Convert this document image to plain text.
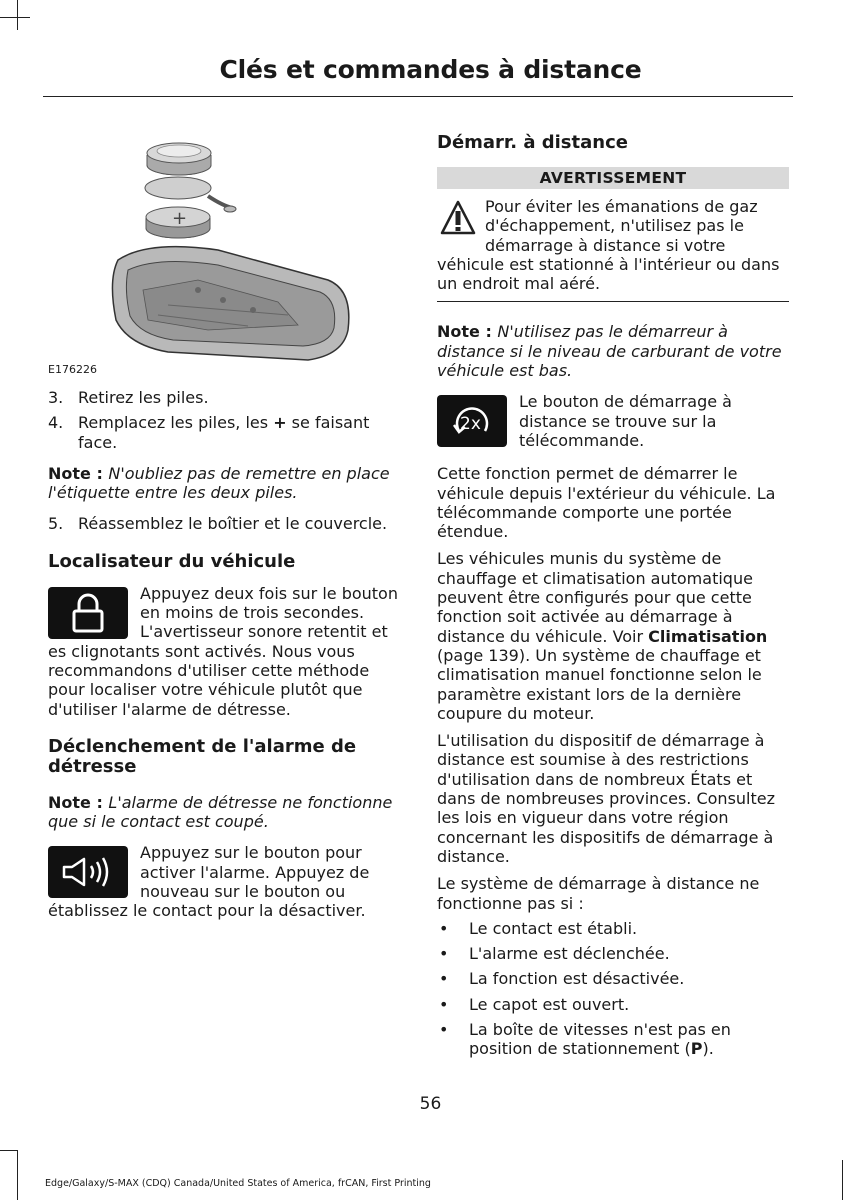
Clés et commandes à distance
+
E176226
3. Retirez les piles.
4. Remplacez les piles, les + se faisant face.

Note : N'oubliez pas de remettre en place l'étiquette entre les deux piles.

5. Réassemblez le boîtier et le couvercle.
Localisateur du véhicule
Appuyez deux fois sur le bouton en moins de trois secondes. L'avertisseur sonore retentit et es clignotants sont activés. Nous vous recommandons d'utiliser cette méthode pour localiser votre véhicule plutôt que d'utiliser l'alarme de détresse.
Déclenchement de l'alarme de détresse

Note : L'alarme de détresse ne fonctionne que si le contact est coupé.

Appuyez sur le bouton pour activer l'alarme. Appuyez de nouveau sur le bouton ou établissez le contact pour la désactiver.
Démarr. à distance
AVERTISSEMENT
Pour éviter les émanations de gaz d'échappement, n'utilisez pas le démarrage à distance si votre véhicule est stationné à l'intérieur ou dans un endroit mal aéré.

Note : N'utilisez pas le démarreur à distance si le niveau de carburant de votre véhicule est bas.

2x
Le bouton de démarrage à distance se trouve sur la télécommande.

Cette fonction permet de démarrer le véhicule depuis l'extérieur du véhicule. La télécommande comporte une portée étendue.

Les véhicules munis du système de chauffage et climatisation automatique peuvent être configurés pour que cette fonction soit activée au démarrage à distance du véhicule. Voir Climatisation (page 139). Un système de chauffage et climatisation manuel fonctionne selon le paramètre existant lors de la dernière coupure du moteur.

L'utilisation du dispositif de démarrage à distance est soumise à des restrictions d'utilisation dans de nombreux États et dans de nombreuses provinces. Consultez les lois en vigueur dans votre région concernant les dispositifs de démarrage à distance.

Le système de démarrage à distance ne fonctionne pas si :

•	Le contact est établi.
•	L'alarme est déclenchée.
•	La fonction est désactivée.
•	Le capot est ouvert.
•	La boîte de vitesses n'est pas en position de stationnement (P).
56
Edge/Galaxy/S-MAX (CDQ) Canada/United States of America, frCAN, First Printing
